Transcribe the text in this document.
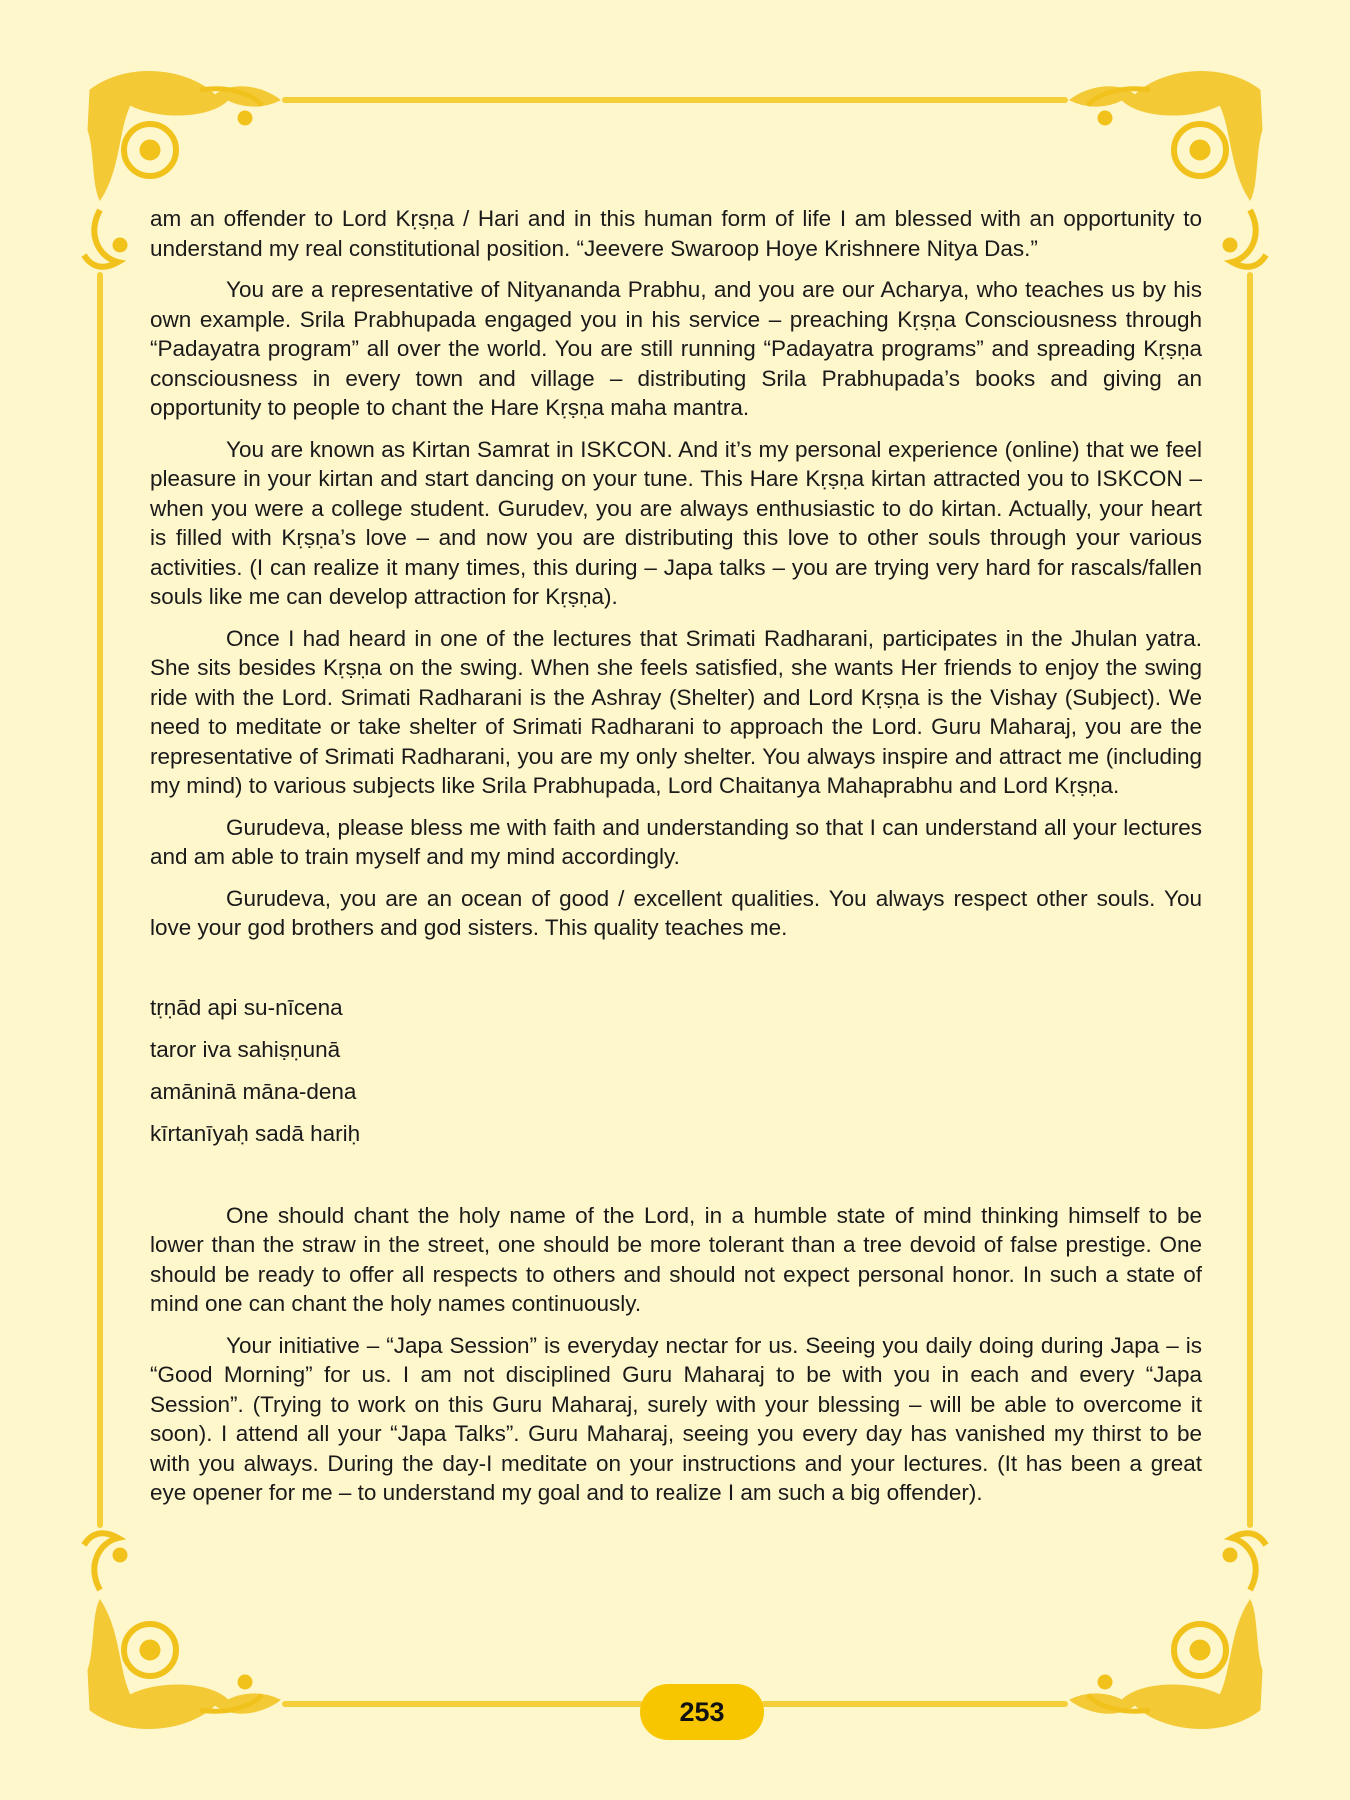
am an offender to Lord Kṛṣṇa / Hari and in this human form of life I am blessed with an opportunity to understand my real constitutional position. “Jeevere Swaroop Hoye Krishnere Nitya Das.”

You are a representative of Nityananda Prabhu, and you are our Acharya, who teaches us by his own example. Srila Prabhupada engaged you in his service – preaching Kṛṣṇa Consciousness through “Padayatra program” all over the world. You are still running “Padayatra programs” and spreading Kṛṣṇa consciousness in every town and village – distributing Srila Prabhupada’s books and giving an opportunity to people to chant the Hare Kṛṣṇa maha mantra.

You are known as Kirtan Samrat in ISKCON. And it’s my personal experience (online) that we feel pleasure in your kirtan and start dancing on your tune. This Hare Kṛṣṇa kirtan attracted you to ISKCON – when you were a college student. Gurudev, you are always enthusiastic to do kirtan. Actually, your heart is filled with Kṛṣṇa’s love – and now you are distributing this love to other souls through your various activities. (I can realize it many times, this during – Japa talks – you are trying very hard for rascals/fallen souls like me can develop attraction for Kṛṣṇa).

Once I had heard in one of the lectures that Srimati Radharani, participates in the Jhulan yatra. She sits besides Kṛṣṇa on the swing. When she feels satisfied, she wants Her friends to enjoy the swing ride with the Lord. Srimati Radharani is the Ashray (Shelter) and Lord Kṛṣṇa is the Vishay (Subject). We need to meditate or take shelter of Srimati Radharani to approach the Lord. Guru Maharaj, you are the representative of Srimati Radharani, you are my only shelter. You always inspire and attract me (including my mind) to various subjects like Srila Prabhupada, Lord Chaitanya Mahaprabhu and Lord Kṛṣṇa.

Gurudeva, please bless me with faith and understanding so that I can understand all your lectures and am able to train myself and my mind accordingly.

Gurudeva, you are an ocean of good / excellent qualities. You always respect other souls. You love your god brothers and god sisters. This quality teaches me.

tṛṇād api su-nīcena

taror iva sahiṣṇunā

amāninā māna-dena

kīrtanīyaḥ sadā hariḥ

One should chant the holy name of the Lord, in a humble state of mind thinking himself to be lower than the straw in the street, one should be more tolerant than a tree devoid of false prestige. One should be ready to offer all respects to others and should not expect personal honor. In such a state of mind one can chant the holy names continuously.

Your initiative – “Japa Session” is everyday nectar for us. Seeing you daily doing during Japa – is “Good Morning” for us. I am not disciplined Guru Maharaj to be with you in each and every “Japa Session”. (Trying to work on this Guru Maharaj, surely with your blessing – will be able to overcome it soon). I attend all your “Japa Talks”. Guru Maharaj, seeing you every day has vanished my thirst to be with you always. During the day-I meditate on your instructions and your lectures. (It has been a great eye opener for me – to understand my goal and to realize I am such a big offender).

253
